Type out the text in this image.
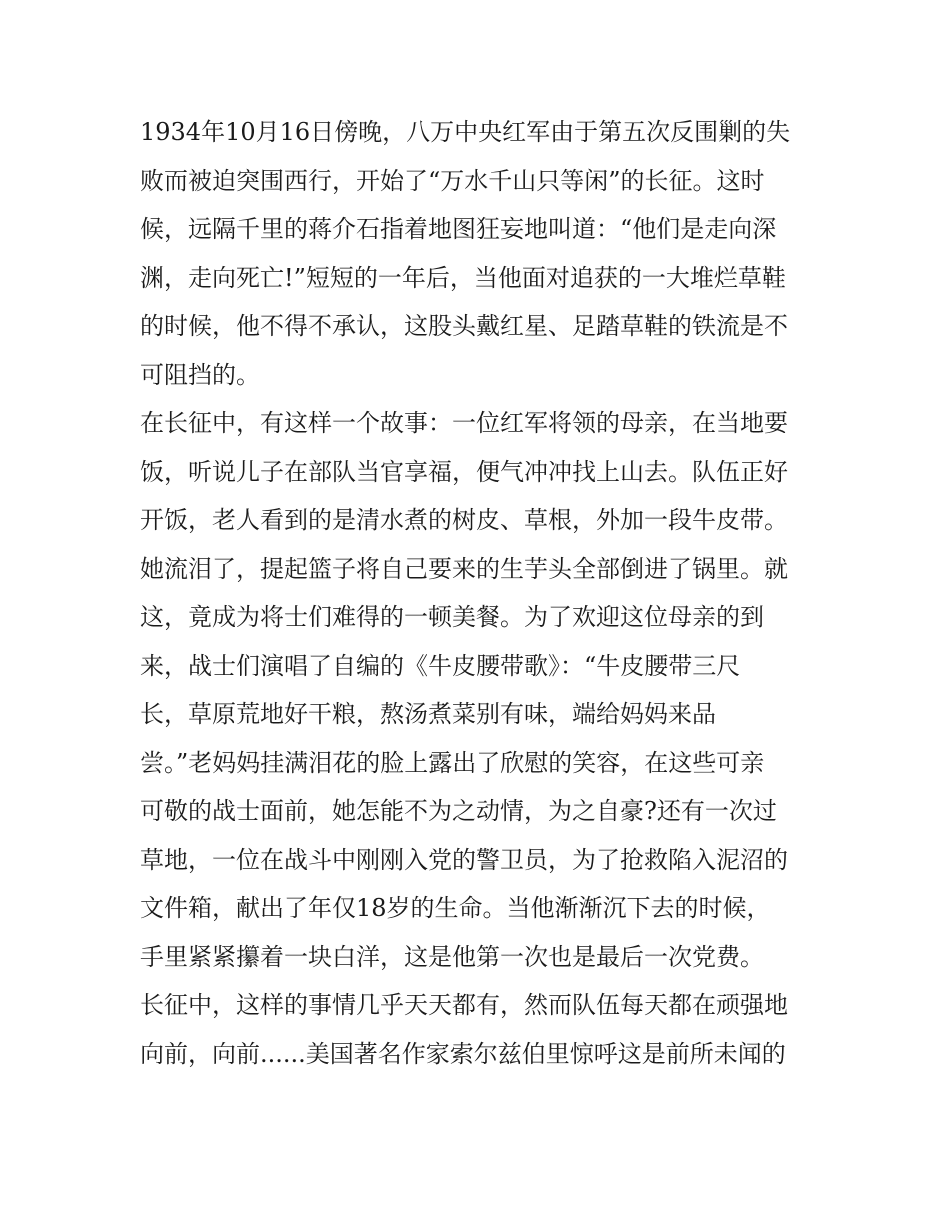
1934年10月16日傍晚，八万中央红军由于第五次反围剿的失
败而被迫突围西行，开始了“万水千山只等闲”的长征。这时
候，远隔千里的蒋介石指着地图狂妄地叫道：“他们是走向深
渊，走向死亡!”短短的一年后，当他面对追获的一大堆烂草鞋
的时候，他不得不承认，这股头戴红星、足踏草鞋的铁流是不
可阻挡的。
在长征中，有这样一个故事：一位红军将领的母亲，在当地要
饭，听说儿子在部队当官享福，便气冲冲找上山去。队伍正好
开饭，老人看到的是清水煮的树皮、草根，外加一段牛皮带。
她流泪了，提起篮子将自己要来的生芋头全部倒进了锅里。就
这，竟成为将士们难得的一顿美餐。为了欢迎这位母亲的到
来，战士们演唱了自编的《牛皮腰带歌》：“牛皮腰带三尺
长，草原荒地好干粮，熬汤煮菜别有味，端给妈妈来品
尝。”老妈妈挂满泪花的脸上露出了欣慰的笑容，在这些可亲
可敬的战士面前，她怎能不为之动情，为之自豪?还有一次过
草地，一位在战斗中刚刚入党的警卫员，为了抢救陷入泥沼的
文件箱，献出了年仅18岁的生命。当他渐渐沉下去的时候，
手里紧紧攥着一块白洋，这是他第一次也是最后一次党费。
长征中，这样的事情几乎天天都有，然而队伍每天都在顽强地
向前，向前......美国著名作家索尔兹伯里惊呼这是前所未闻的
